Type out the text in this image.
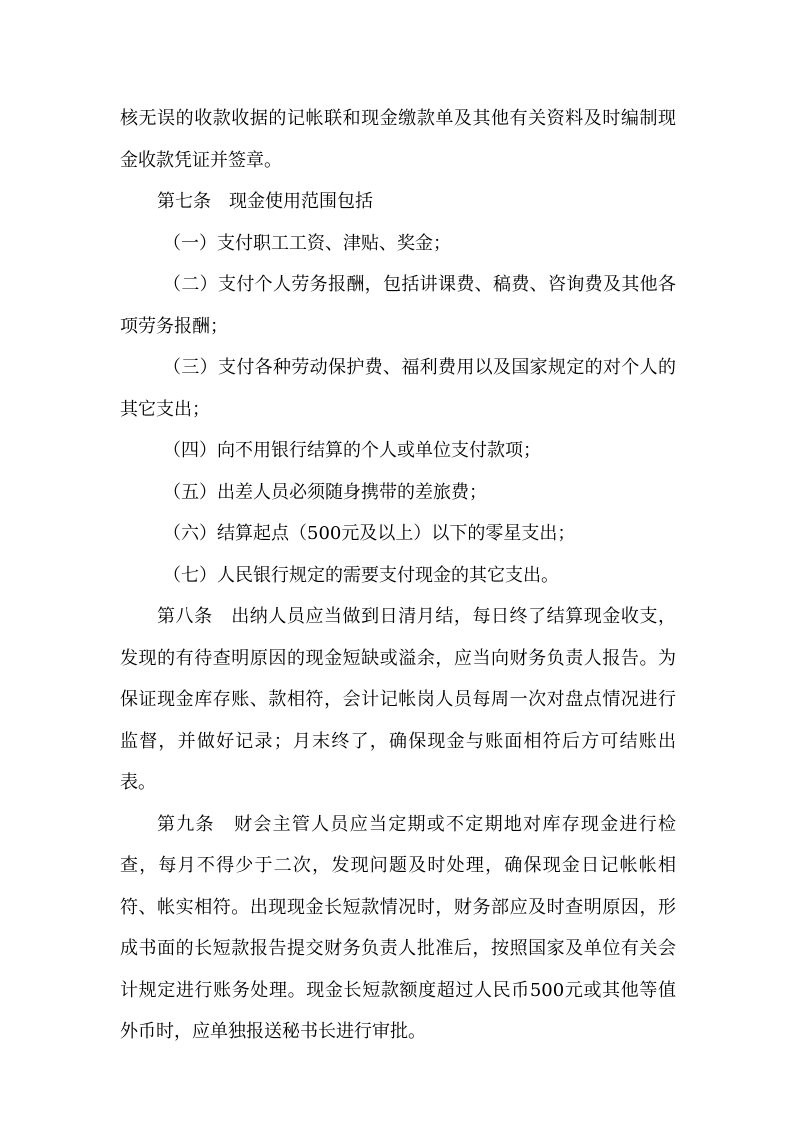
核无误的收款收据的记帐联和现金缴款单及其他有关资料及时编制现金收款凭证并签章。

第七条　现金使用范围包括

（一）支付职工工资、津贴、奖金；

（二）支付个人劳务报酬，包括讲课费、稿费、咨询费及其他各项劳务报酬；

（三）支付各种劳动保护费、福利费用以及国家规定的对个人的其它支出；

（四）向不用银行结算的个人或单位支付款项；

（五）出差人员必须随身携带的差旅费；

（六）结算起点（500元及以上）以下的零星支出；

（七）人民银行规定的需要支付现金的其它支出。

第八条　出纳人员应当做到日清月结，每日终了结算现金收支，发现的有待查明原因的现金短缺或溢余，应当向财务负责人报告。为保证现金库存账、款相符，会计记帐岗人员每周一次对盘点情况进行监督，并做好记录；月末终了，确保现金与账面相符后方可结账出表。

第九条　财会主管人员应当定期或不定期地对库存现金进行检查，每月不得少于二次，发现问题及时处理，确保现金日记帐帐相符、帐实相符。出现现金长短款情况时，财务部应及时查明原因，形成书面的长短款报告提交财务负责人批准后，按照国家及单位有关会计规定进行账务处理。现金长短款额度超过人民币500元或其他等值外币时，应单独报送秘书长进行审批。
